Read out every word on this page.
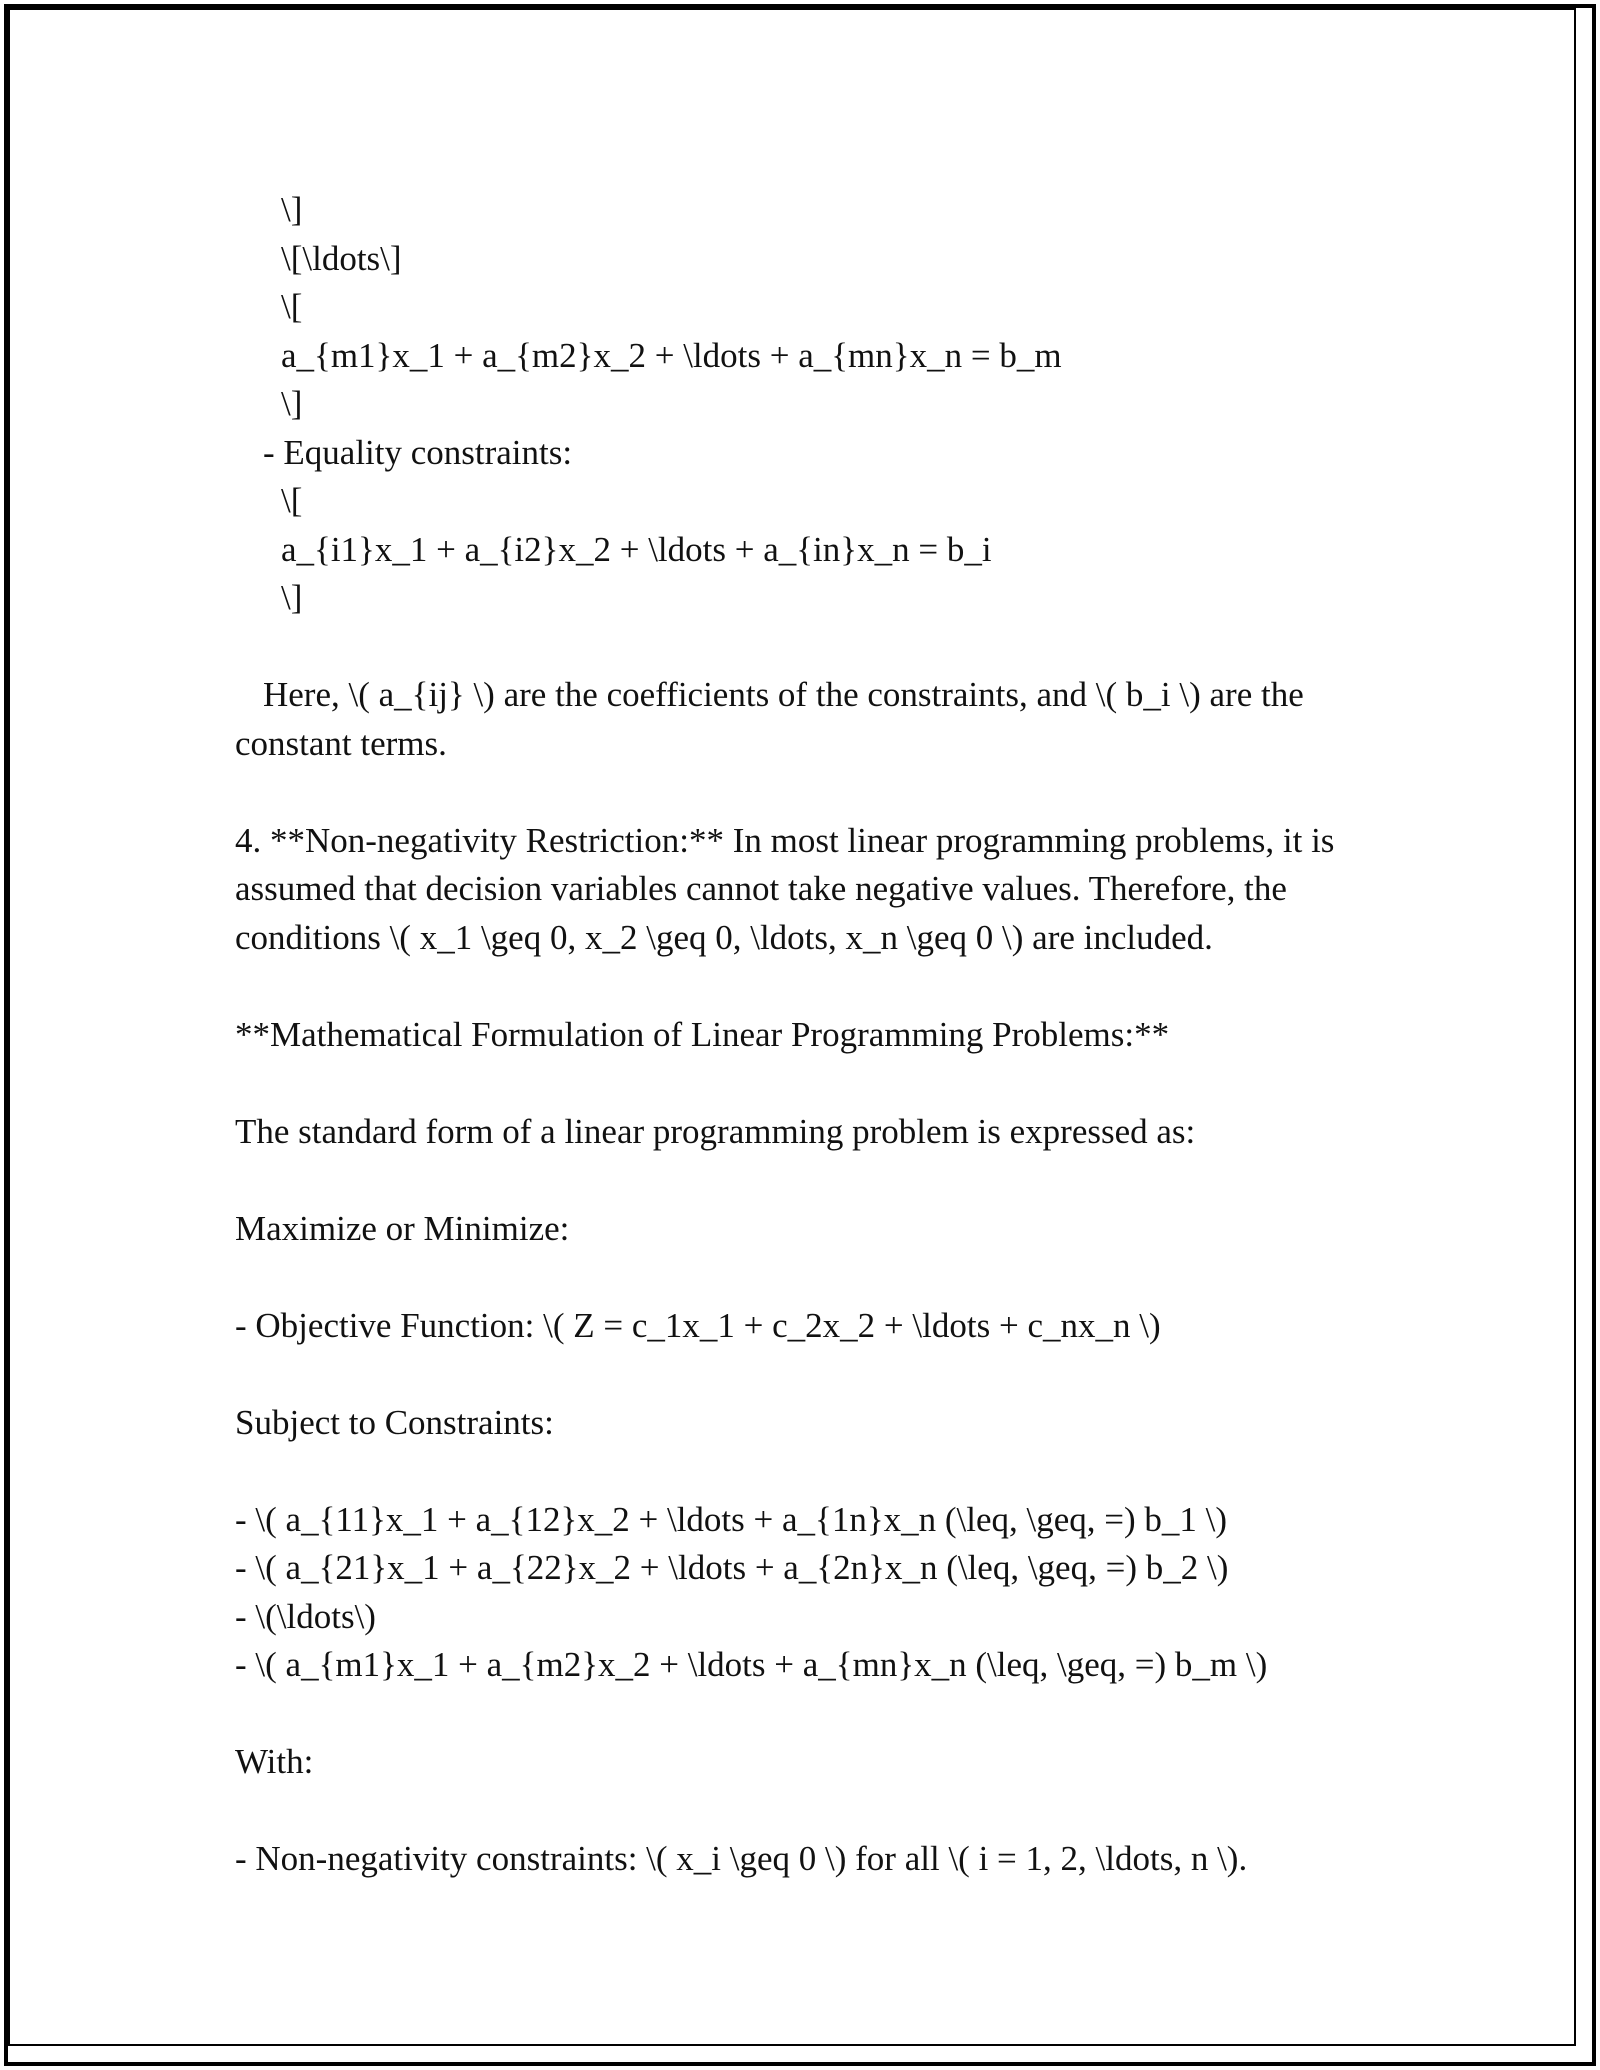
\]
\[\ldots\]
\[
a_{m1}x_1 + a_{m2}x_2 + \ldots + a_{mn}x_n = b_m
\]
- Equality constraints:
\[
a_{i1}x_1 + a_{i2}x_2 + \ldots + a_{in}x_n = b_i
\]
Here, \( a_{ij} \) are the coefficients of the constraints, and \( b_i \) are the constant terms.
4. **Non-negativity Restriction:** In most linear programming problems, it is assumed that decision variables cannot take negative values. Therefore, the conditions \( x_1 \geq 0, x_2 \geq 0, \ldots, x_n \geq 0 \) are included.
**Mathematical Formulation of Linear Programming Problems:**
The standard form of a linear programming problem is expressed as:
Maximize or Minimize:
- Objective Function: \( Z = c_1x_1 + c_2x_2 + \ldots + c_nx_n \)
Subject to Constraints:
- \( a_{11}x_1 + a_{12}x_2 + \ldots + a_{1n}x_n (\leq, \geq, =) b_1 \)
- \( a_{21}x_1 + a_{22}x_2 + \ldots + a_{2n}x_n (\leq, \geq, =) b_2 \)
- \(\ldots\)
- \( a_{m1}x_1 + a_{m2}x_2 + \ldots + a_{mn}x_n (\leq, \geq, =) b_m \)
With:
- Non-negativity constraints: \( x_i \geq 0 \) for all \( i = 1, 2, \ldots, n \).
